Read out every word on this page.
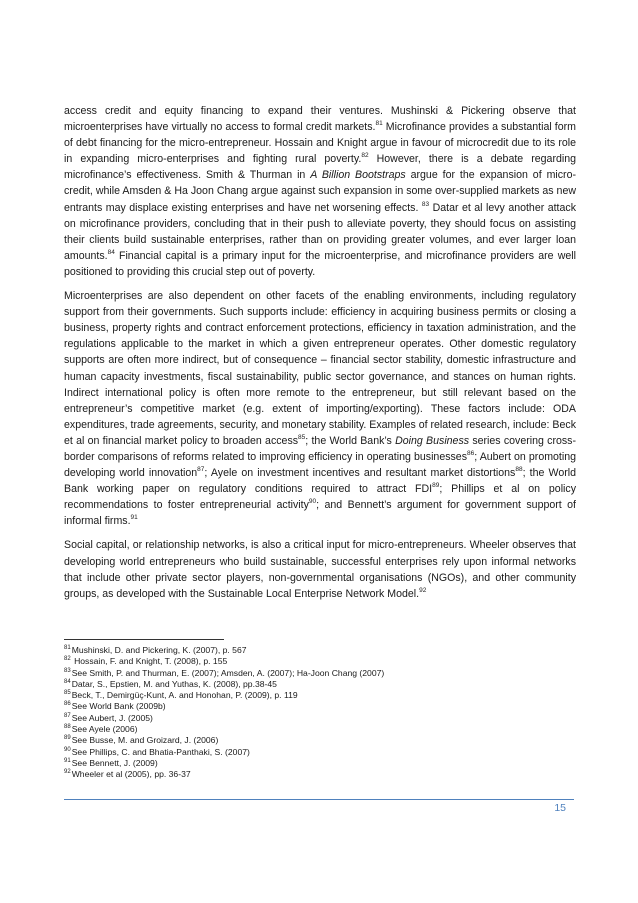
access credit and equity financing to expand their ventures. Mushinski & Pickering observe that microenterprises have virtually no access to formal credit markets.$^{81}$ Microfinance provides a substantial form of debt financing for the micro-entrepreneur. Hossain and Knight argue in favour of microcredit due to its role in expanding micro-enterprises and fighting rural poverty.$^{82}$ However, there is a debate regarding microfinance’s effectiveness. Smith & Thurman in A Billion Bootstraps argue for the expansion of micro-credit, while Amsden & Ha Joon Chang argue against such expansion in some over-supplied markets as new entrants may displace existing enterprises and have net worsening effects. $^{83}$ Datar et al levy another attack on microfinance providers, concluding that in their push to alleviate poverty, they should focus on assisting their clients build sustainable enterprises, rather than on providing greater volumes, and ever larger loan amounts.$^{84}$ Financial capital is a primary input for the microenterprise, and microfinance providers are well positioned to providing this crucial step out of poverty.

Microenterprises are also dependent on other facets of the enabling environments, including regulatory support from their governments. Such supports include: efficiency in acquiring business permits or closing a business, property rights and contract enforcement protections, efficiency in taxation administration, and the regulations applicable to the market in which a given entrepreneur operates. Other domestic regulatory supports are often more indirect, but of consequence – financial sector stability, domestic infrastructure and human capacity investments, fiscal sustainability, public sector governance, and stances on human rights. Indirect international policy is often more remote to the entrepreneur, but still relevant based on the entrepreneur’s competitive market (e.g. extent of importing/exporting). These factors include: ODA expenditures, trade agreements, security, and monetary stability. Examples of related research, include: Beck et al on financial market policy to broaden access$^{85}$; the World Bank’s Doing Business series covering cross-border comparisons of reforms related to improving efficiency in operating businesses$^{86}$; Aubert on promoting developing world innovation$^{87}$; Ayele on investment incentives and resultant market distortions$^{88}$; the World Bank working paper on regulatory conditions required to attract FDI$^{89}$; Phillips et al on policy recommendations to foster entrepreneurial activity$^{90}$; and Bennett’s argument for government support of informal firms.$^{91}$

Social capital, or relationship networks, is also a critical input for micro-entrepreneurs. Wheeler observes that developing world entrepreneurs who build sustainable, successful enterprises rely upon informal networks that include other private sector players, non-governmental organisations (NGOs), and other community groups, as developed with the Sustainable Local Enterprise Network Model.$^{92}$

$^{81}$Mushinski, D. and Pickering, K. (2007), p. 567
$^{82}$ Hossain, F. and Knight, T. (2008), p. 155
$^{83}$See Smith, P. and Thurman, E. (2007); Amsden, A. (2007); Ha-Joon Chang (2007)
$^{84}$Datar, S., Epstien, M. and Yuthas, K. (2008), pp.38-45
$^{85}$Beck, T., Demirgüç-Kunt, A. and Honohan, P. (2009), p. 119
$^{86}$See World Bank (2009b)
$^{87}$See Aubert, J. (2005)
$^{88}$See Ayele (2006)
$^{89}$See Busse, M. and Groizard, J. (2006)
$^{90}$See Phillips, C. and Bhatia-Panthaki, S. (2007)
$^{91}$See Bennett, J. (2009)
$^{92}$Wheeler et al (2005), pp. 36-37
15
